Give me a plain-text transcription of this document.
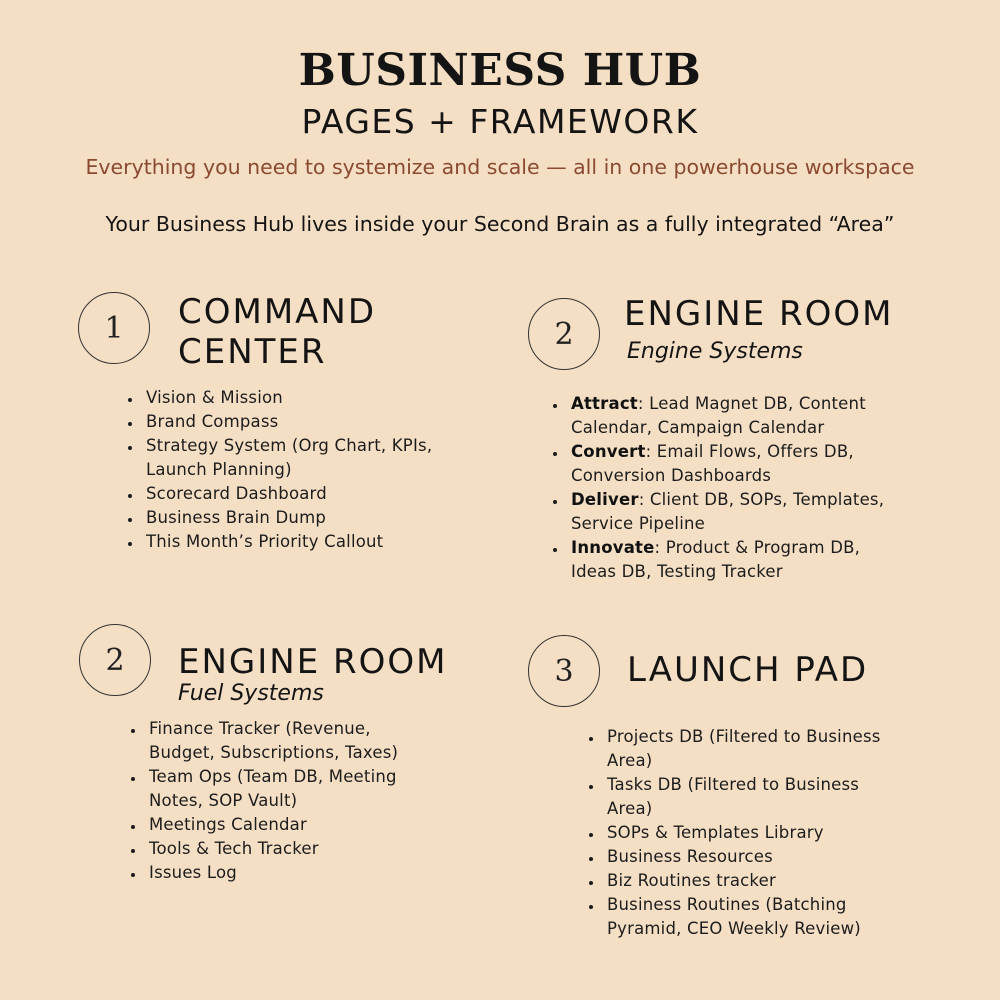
BUSINESS HUB
PAGES + FRAMEWORK
Everything you need to systemize and scale — all in one powerhouse workspace
Your Business Hub lives inside your Second Brain as a fully integrated “Area”
1	COMMAND
CENTER
• Vision & Mission
• Brand Compass
• Strategy System (Org Chart, KPIs, Launch Planning)
• Scorecard Dashboard
• Business Brain Dump
• This Month’s Priority Callout
2	ENGINE ROOM
Engine Systems
• Attract: Lead Magnet DB, Content Calendar, Campaign Calendar
• Convert: Email Flows, Offers DB, Conversion Dashboards
• Deliver: Client DB, SOPs, Templates, Service Pipeline
• Innovate: Product & Program DB, Ideas DB, Testing Tracker
2	ENGINE ROOM
Fuel Systems
• Finance Tracker (Revenue, Budget, Subscriptions, Taxes)
• Team Ops (Team DB, Meeting Notes, SOP Vault)
• Meetings Calendar
• Tools & Tech Tracker
• Issues Log
3	LAUNCH PAD
• Projects DB (Filtered to Business Area)
• Tasks DB (Filtered to Business Area)
• SOPs & Templates Library
• Business Resources
• Biz Routines tracker
• Business Routines (Batching Pyramid, CEO Weekly Review)
